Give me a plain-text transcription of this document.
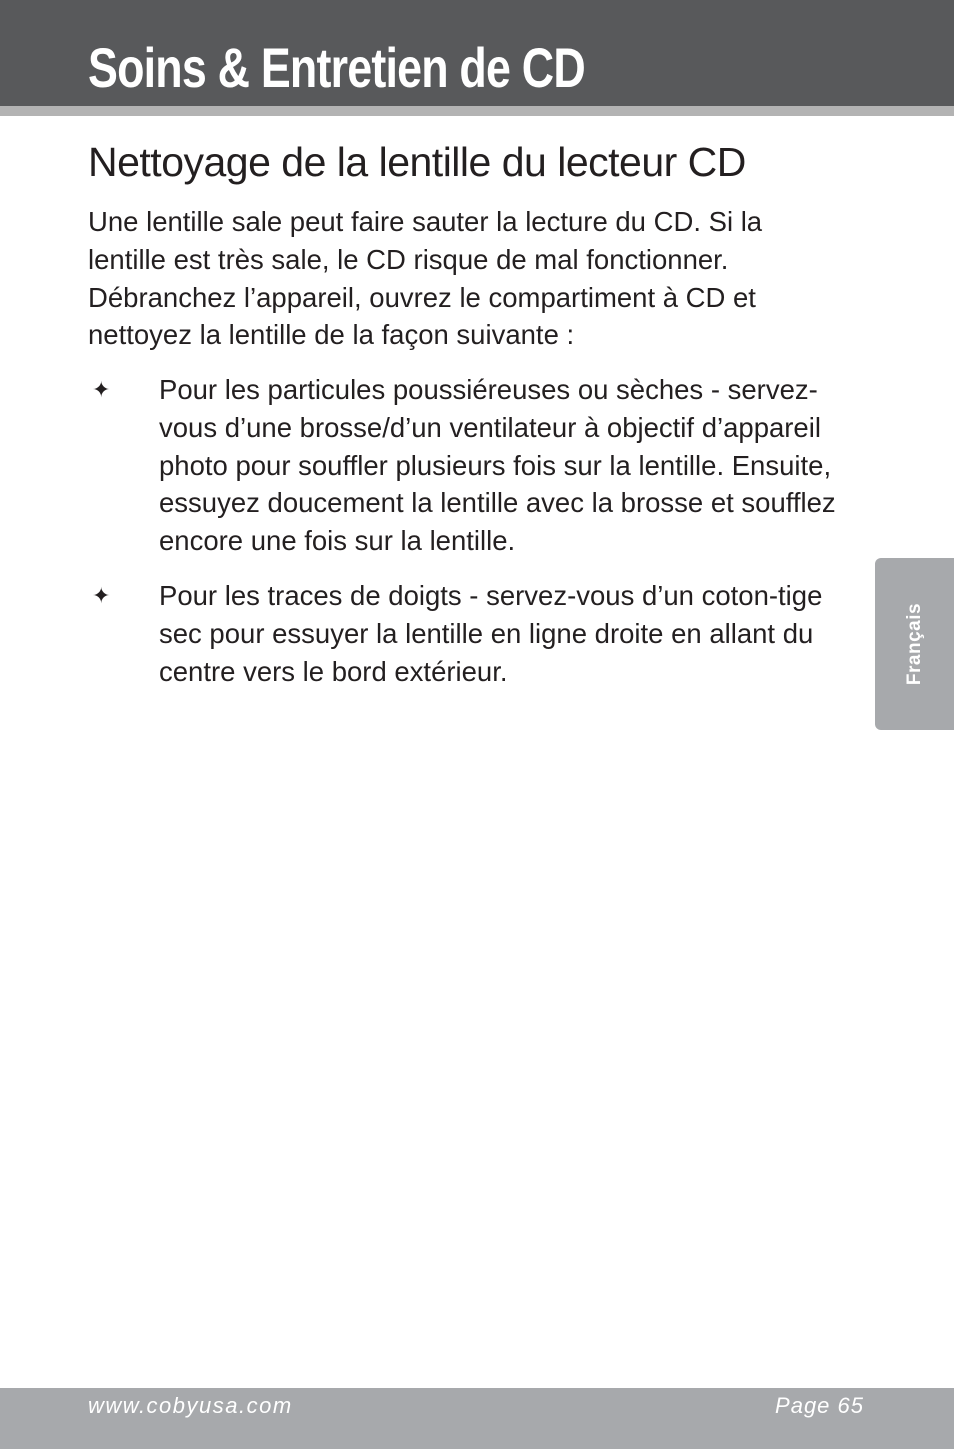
Soins & Entretien de CD
Nettoyage de la lentille du lecteur CD

Une lentille sale peut faire sauter la lecture du CD. Si la lentille est très sale, le CD risque de mal fonctionner. Débranchez l’appareil, ouvrez le compartiment à CD et nettoyez la lentille de la façon suivante :

✦ Pour les particules poussiéreuses ou sèches - servez-vous d’une brosse/d’un ventilateur à objectif d’appareil photo pour souffler plusieurs fois sur la lentille. Ensuite, essuyez doucement la lentille avec la brosse et soufflez encore une fois sur la lentille.
✦ Pour les traces de doigts - servez-vous d’un coton-tige sec pour essuyer la lentille en ligne droite en allant du centre vers le bord extérieur.	Français
www.cobyusa.com	Page 65
